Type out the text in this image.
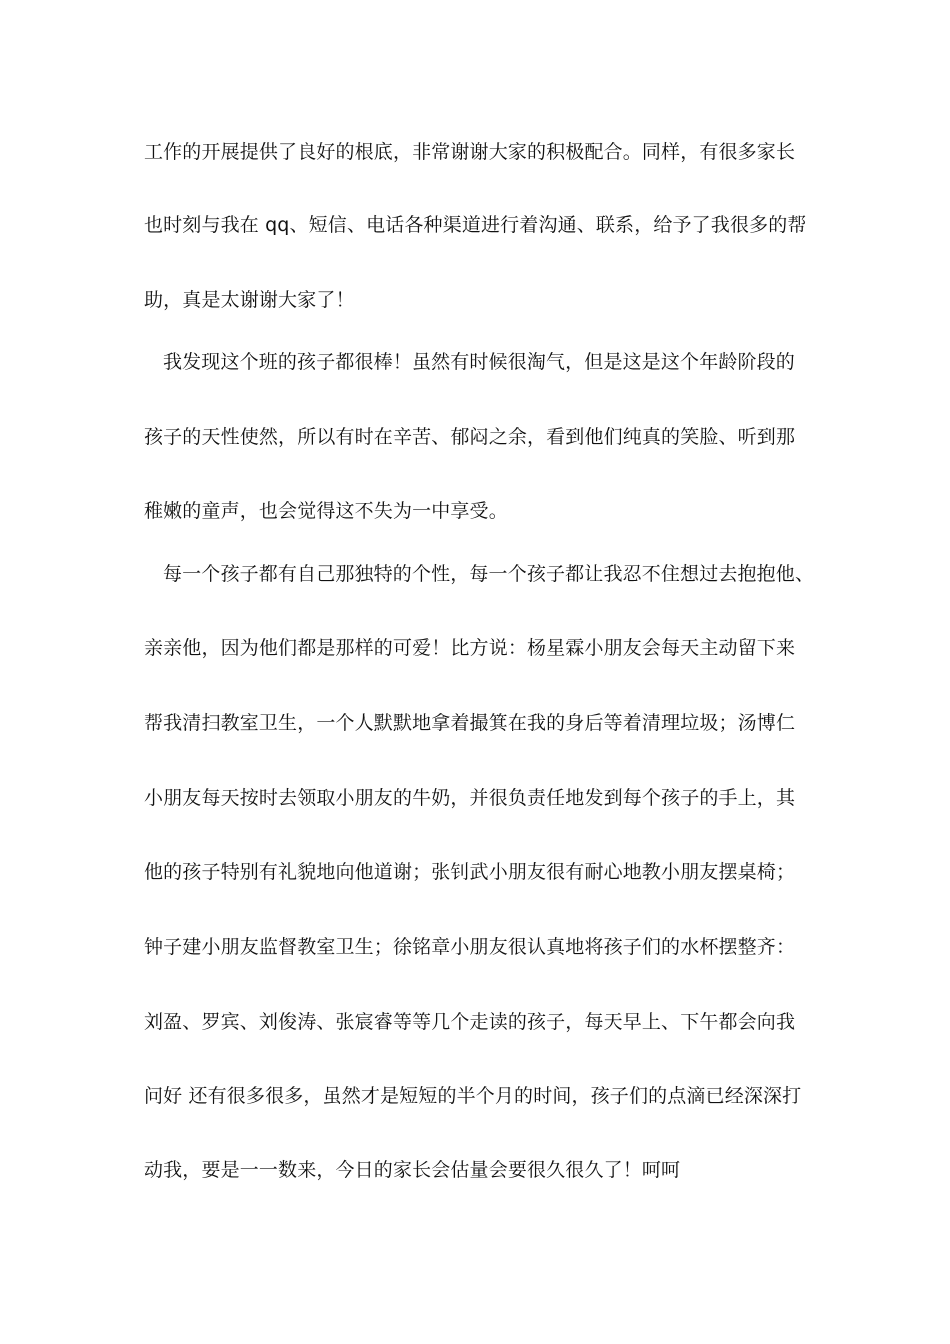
工作的开展提供了良好的根底，非常谢谢大家的积极配合。同样，有很多家长
也时刻与我在 qq、短信、电话各种渠道进行着沟通、联系，给予了我很多的帮
助，真是太谢谢大家了！
我发现这个班的孩子都很棒！虽然有时候很淘气，但是这是这个年龄阶段的
孩子的天性使然，所以有时在辛苦、郁闷之余，看到他们纯真的笑脸、听到那
稚嫩的童声，也会觉得这不失为一中享受。
每一个孩子都有自己那独特的个性，每一个孩子都让我忍不住想过去抱抱他、
亲亲他，因为他们都是那样的可爱！比方说：杨星霖小朋友会每天主动留下来
帮我清扫教室卫生，一个人默默地拿着撮箕在我的身后等着清理垃圾；汤博仁
小朋友每天按时去领取小朋友的牛奶，并很负责任地发到每个孩子的手上，其
他的孩子特别有礼貌地向他道谢；张钊武小朋友很有耐心地教小朋友摆桌椅；
钟子建小朋友监督教室卫生；徐铭章小朋友很认真地将孩子们的水杯摆整齐：
刘盈、罗宾、刘俊涛、张宸睿等等几个走读的孩子，每天早上、下午都会向我
问好 还有很多很多，虽然才是短短的半个月的时间，孩子们的点滴已经深深打
动我，要是一一数来，今日的家长会估量会要很久很久了！呵呵
